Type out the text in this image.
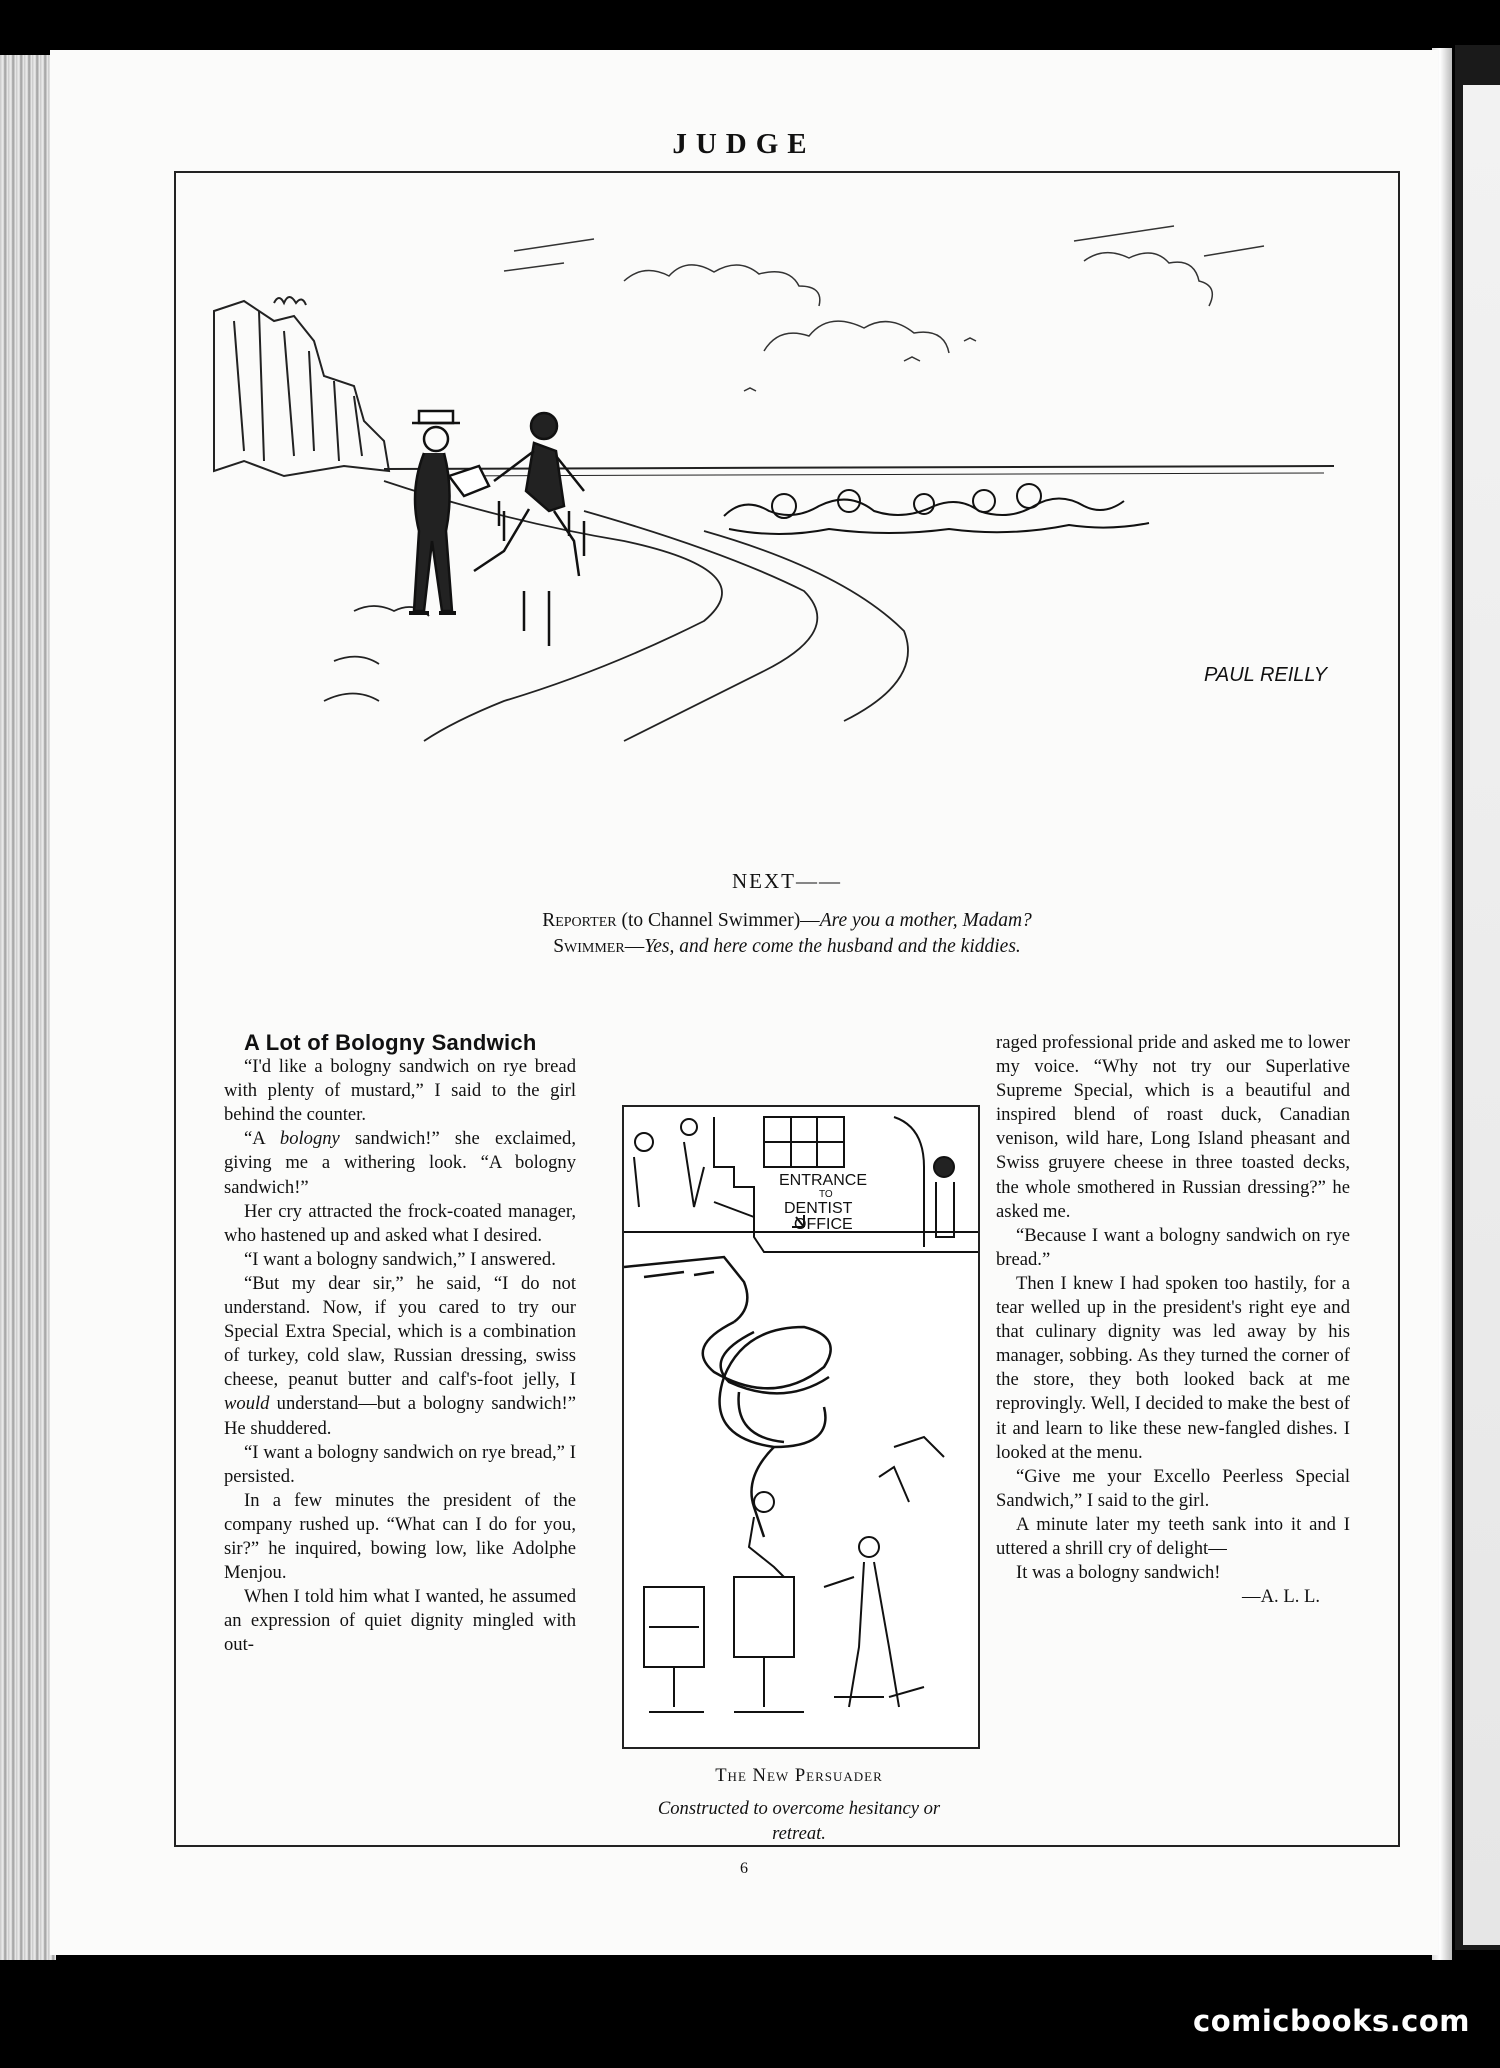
JUDGE
PAUL REILLY
NEXT——
Reporter (to Channel Swimmer)—Are you a mother, Madam?
Swimmer—Yes, and here come the husband and the kiddies.

A Lot of Bologny Sandwich

“I'd like a bologny sandwich on rye bread with plenty of mustard,” I said to the girl behind the counter.

“A bologny sandwich!” she exclaimed, giving me a withering look. “A bologny sandwich!”

Her cry attracted the frock-coated manager, who hastened up and asked what I desired.

“I want a bologny sandwich,” I answered.

“But my dear sir,” he said, “I do not understand. Now, if you cared to try our Special Extra Special, which is a combination of turkey, cold slaw, Russian dressing, swiss cheese, peanut butter and calf's-foot jelly, I would understand—but a bologny sandwich!” He shuddered.

“I want a bologny sandwich on rye bread,” I persisted.

In a few minutes the president of the company rushed up. “What can I do for you, sir?” he inquired, bowing low, like Adolphe Menjou.

When I told him what I wanted, he assumed an expression of quiet dignity mingled with out-

ENTRANCE
TO
DENTIST
OFFICE
The New Persuader
Constructed to overcome hesitancy or retreat.

raged professional pride and asked me to lower my voice. “Why not try our Superlative Supreme Special, which is a beautiful and inspired blend of roast duck, Canadian venison, wild hare, Long Island pheasant and Swiss gruyere cheese in three toasted decks, the whole smothered in Russian dressing?” he asked me.

“Because I want a bologny sandwich on rye bread.”

Then I knew I had spoken too hastily, for a tear welled up in the president's right eye and that culinary dignity was led away by his manager, sobbing. As they turned the corner of the store, they both looked back at me reprovingly. Well, I decided to make the best of it and learn to like these new-fangled dishes. I looked at the menu.

“Give me your Excello Peerless Special Sandwich,” I said to the girl.

A minute later my teeth sank into it and I uttered a shrill cry of delight—

It was a bologny sandwich!

—A. L. L.

6
comicbooks.com
